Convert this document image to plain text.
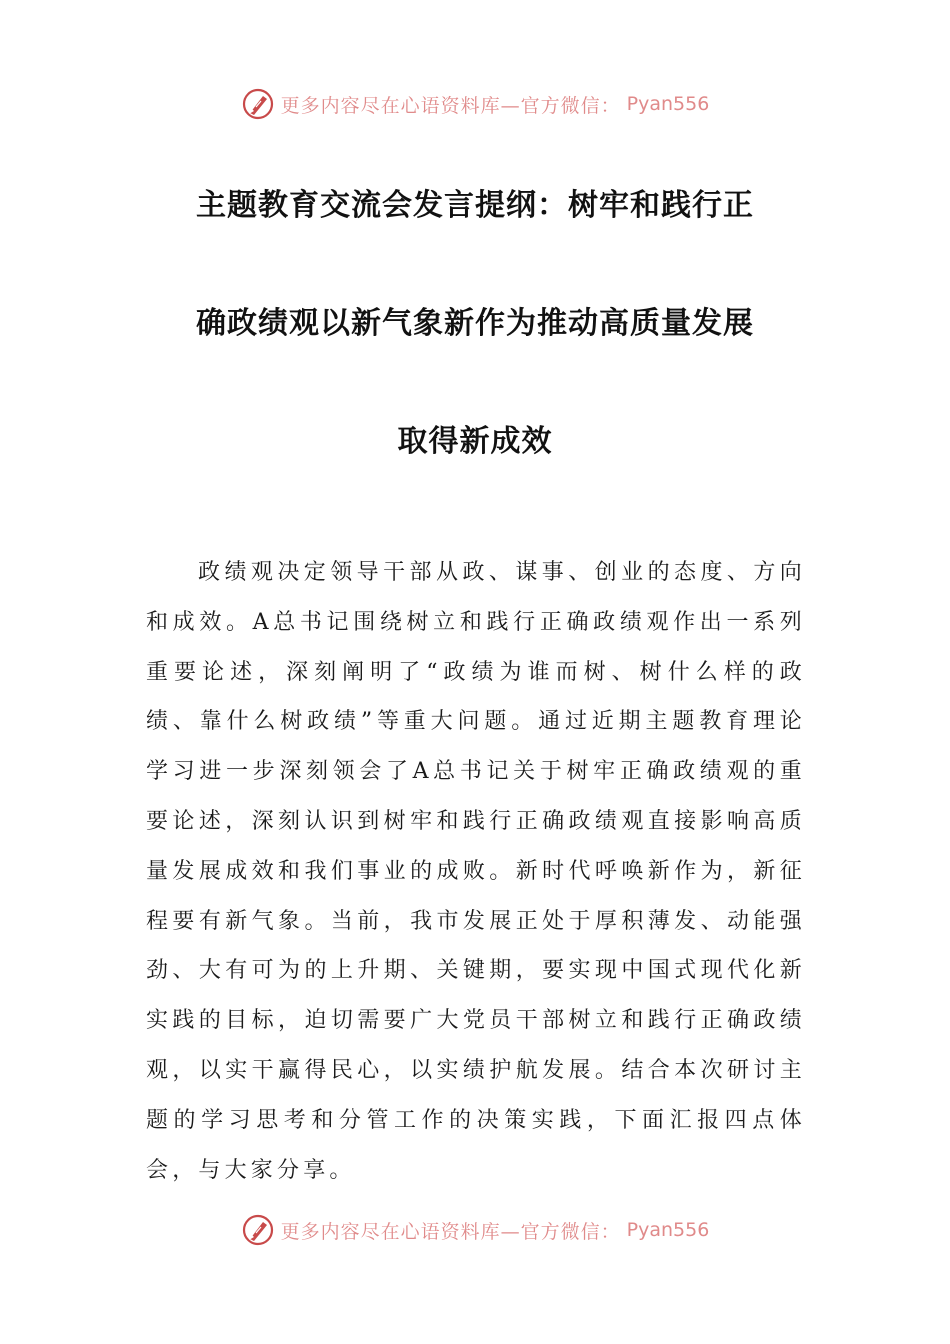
更多内容尽在心语资料库—官方微信： Pyan556
主题教育交流会发言提纲：树牢和践行正
确政绩观以新气象新作为推动高质量发展
取得新成效
政绩观决定领导干部从政、谋事、创业的态度、方向和成效。A总书记围绕树立和践行正确政绩观作出一系列重要论述，深刻阐明了“政绩为谁而树、树什么样的政绩、靠什么树政绩”等重大问题。通过近期主题教育理论学习进一步深刻领会了A总书记关于树牢正确政绩观的重要论述，深刻认识到树牢和践行正确政绩观直接影响高质量发展成效和我们事业的成败。新时代呼唤新作为，新征程要有新气象。当前，我市发展正处于厚积薄发、动能强劲、大有可为的上升期、关键期，要实现中国式现代化新实践的目标，迫切需要广大党员干部树立和践行正确政绩观，以实干赢得民心，以实绩护航发展。结合本次研讨主题的学习思考和分管工作的决策实践，下面汇报四点体会，与大家分享。
更多内容尽在心语资料库—官方微信： Pyan556
